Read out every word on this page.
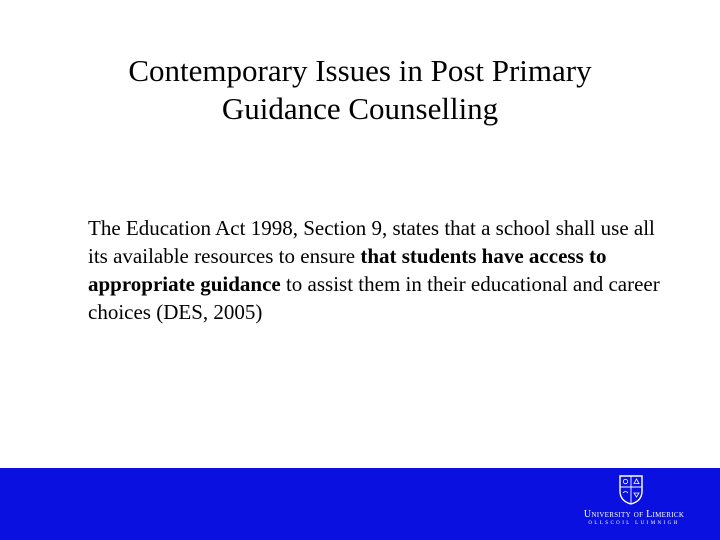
Contemporary Issues in Post Primary
Guidance Counselling

The Education Act 1998, Section 9, states that a school shall use all its available resources to ensure that students have access to appropriate guidance to assist them in their educational and career choices (DES, 2005)

University of Limerick
OLLSCOIL LUIMNIGH
